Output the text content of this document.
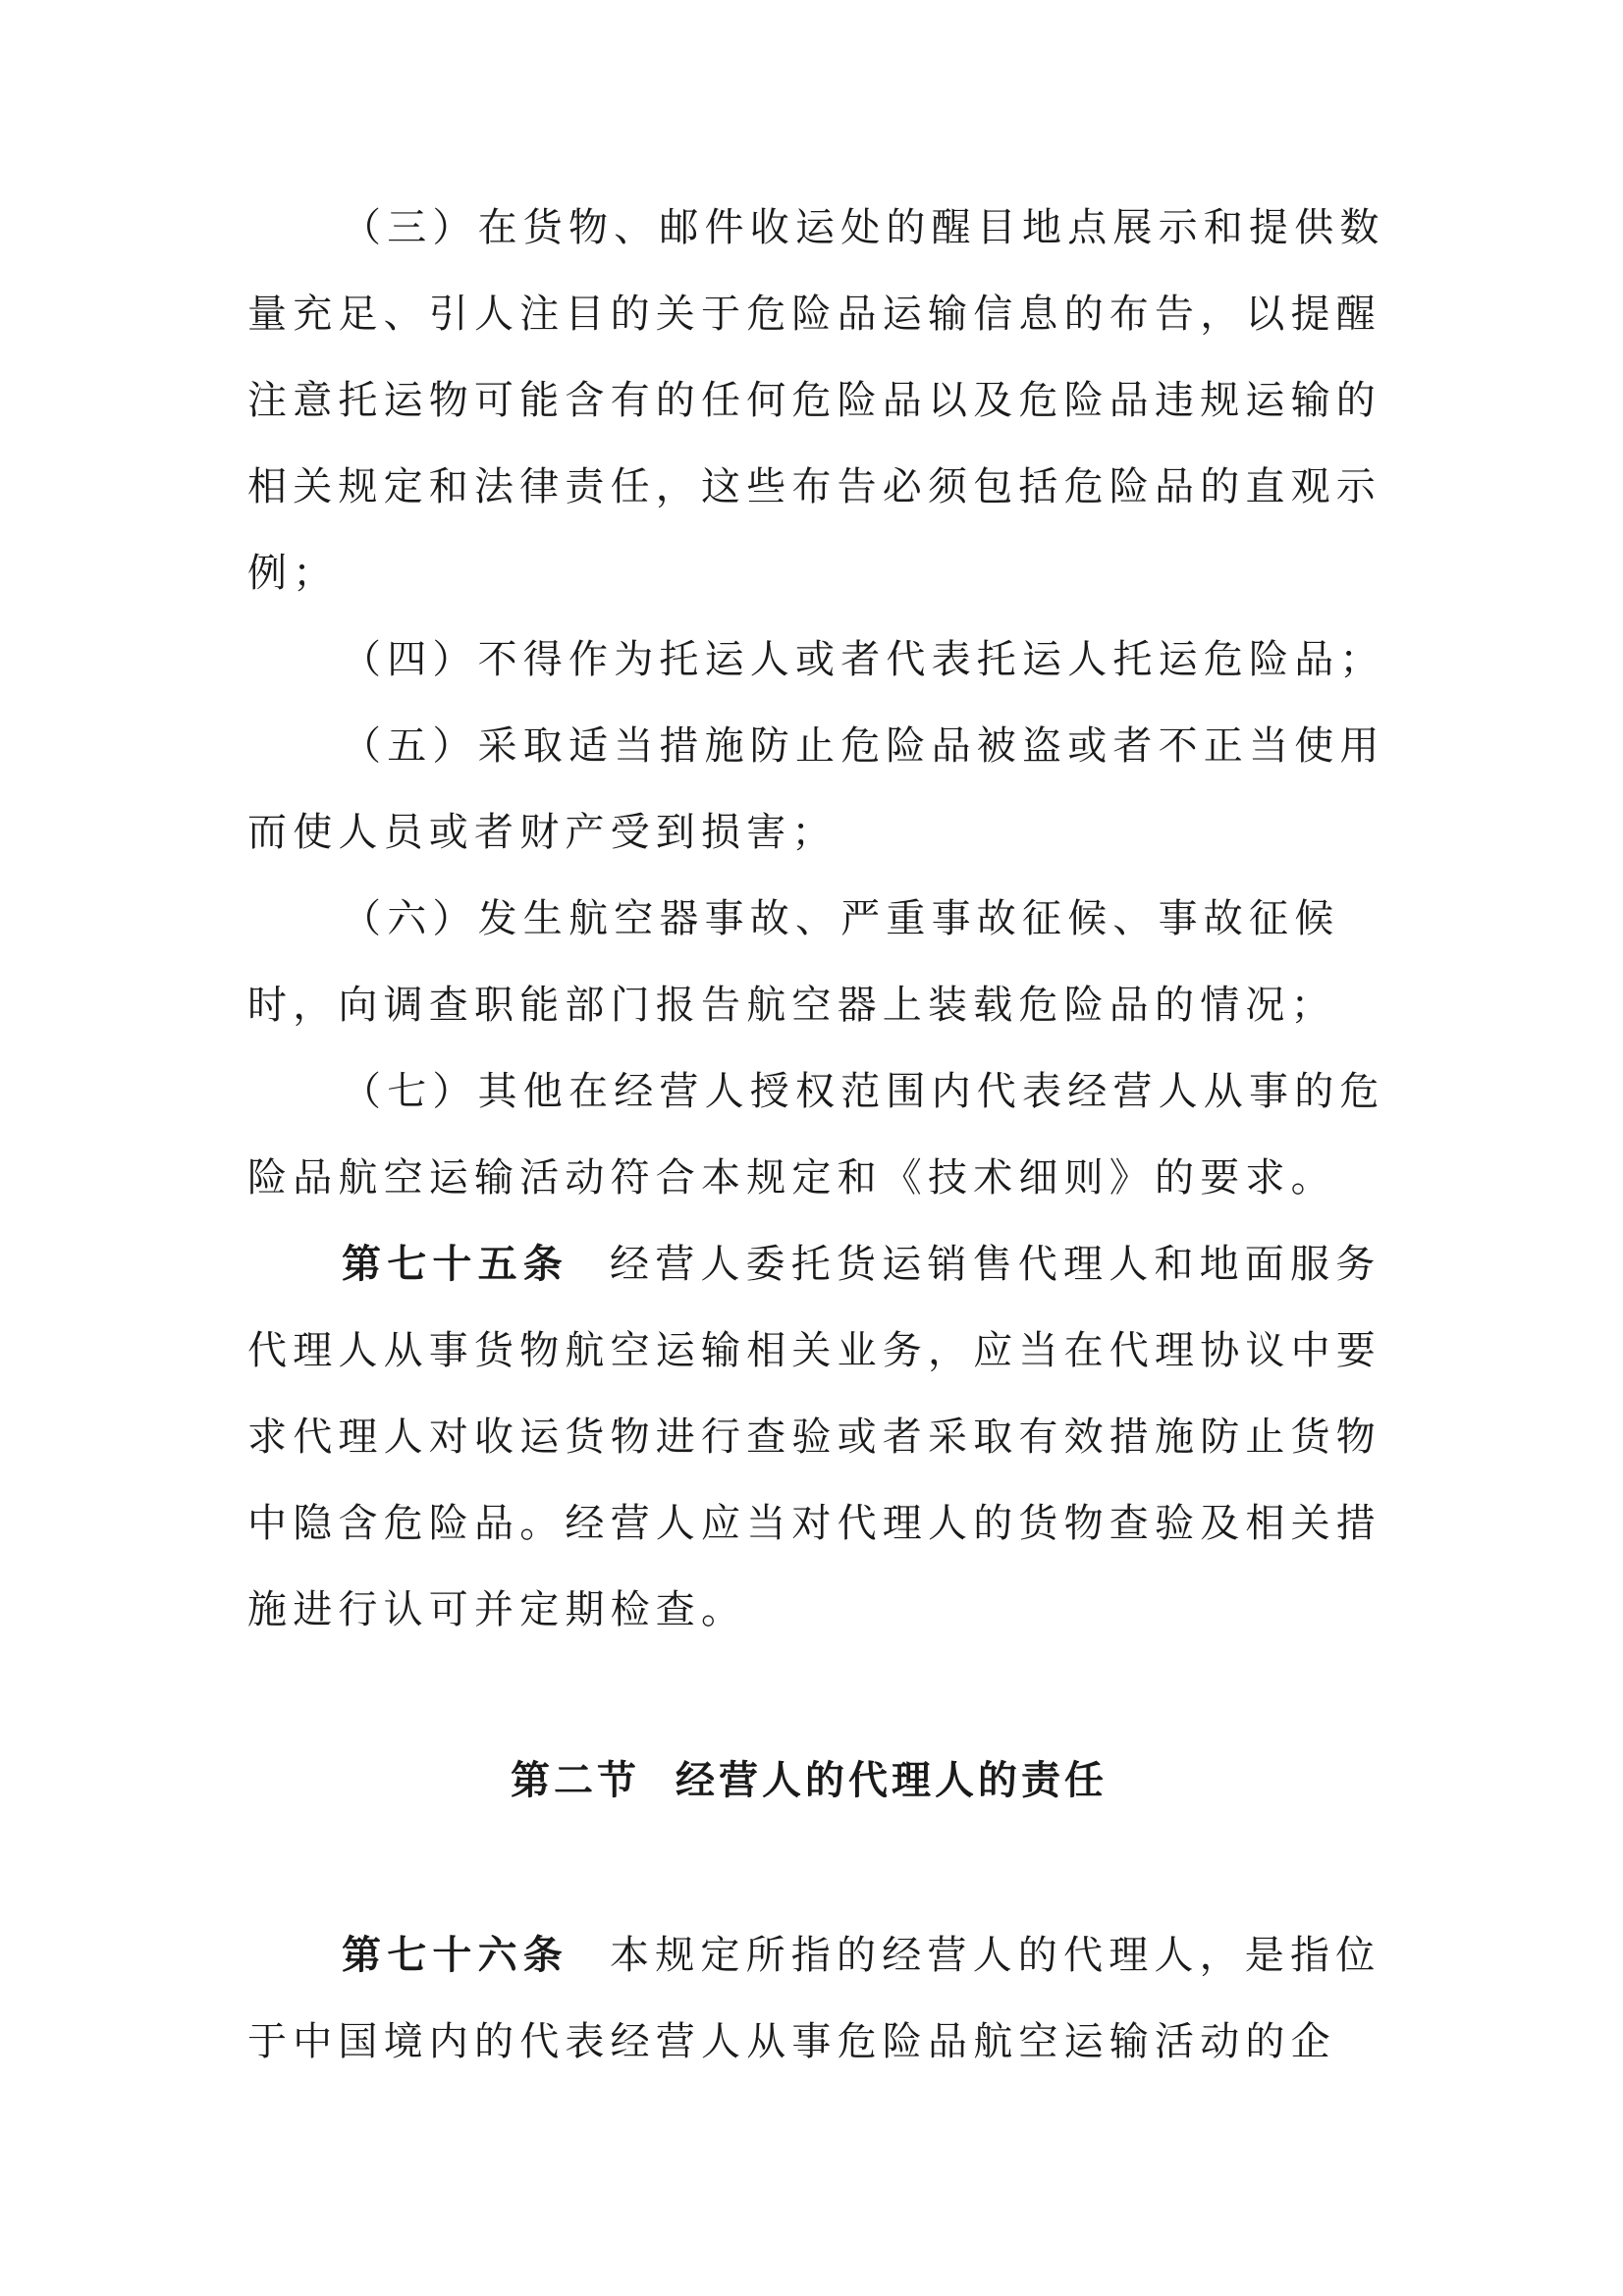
（三）在货物、邮件收运处的醒目地点展示和提供数
量充足、引人注目的关于危险品运输信息的布告，以提醒
注意托运物可能含有的任何危险品以及危险品违规运输的
相关规定和法律责任，这些布告必须包括危险品的直观示
例；
（四）不得作为托运人或者代表托运人托运危险品；
（五）采取适当措施防止危险品被盗或者不正当使用
而使人员或者财产受到损害；
（六）发生航空器事故、严重事故征候、事故征候
时，向调查职能部门报告航空器上装载危险品的情况；
（七）其他在经营人授权范围内代表经营人从事的危
险品航空运输活动符合本规定和《技术细则》的要求。
第七十五条 经营人委托货运销售代理人和地面服务
代理人从事货物航空运输相关业务，应当在代理协议中要
求代理人对收运货物进行查验或者采取有效措施防止货物
中隐含危险品。经营人应当对代理人的货物查验及相关措
施进行认可并定期检查。
第二节 经营人的代理人的责任
第七十六条 本规定所指的经营人的代理人，是指位
于中国境内的代表经营人从事危险品航空运输活动的企
